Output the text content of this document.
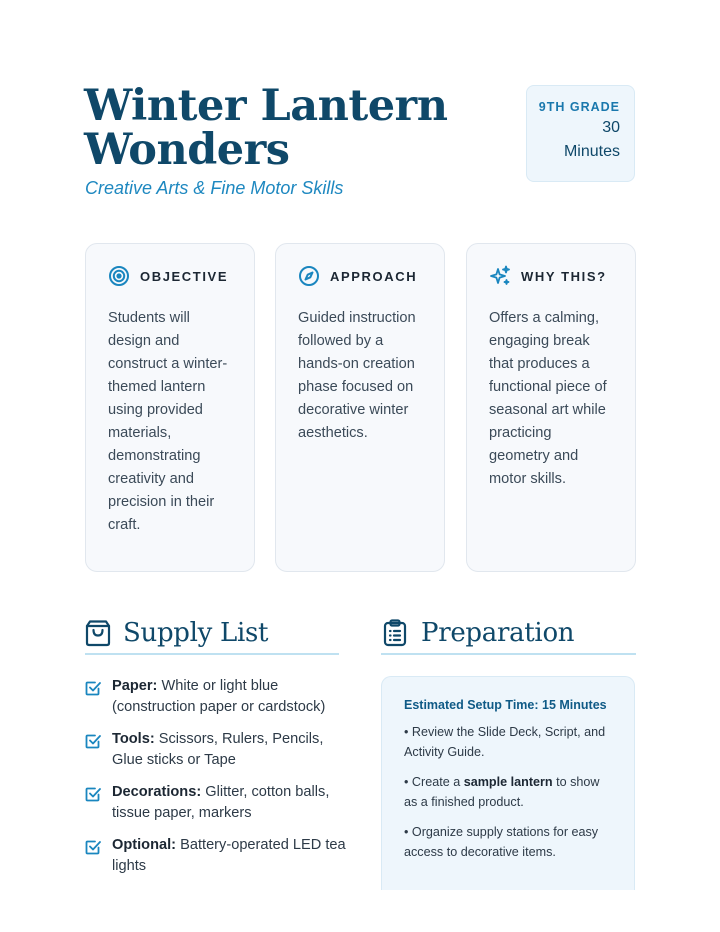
Winter Lantern
Wonders
Creative Arts & Fine Motor Skills
9TH GRADE
30
Minutes
OBJECTIVE

Students will design and construct a winter-themed lantern using provided materials, demonstrating creativity and precision in their craft.

APPROACH

Guided instruction followed by a hands-on creation phase focused on decorative winter aesthetics.

WHY THIS?

Offers a calming, engaging break that produces a functional piece of seasonal art while practicing geometry and motor skills.

Supply List
Paper: White or light blue (construction paper or cardstock)
Tools: Scissors, Rulers, Pencils, Glue sticks or Tape
Decorations: Glitter, cotton balls, tissue paper, markers
Optional: Battery-operated LED tea lights
Preparation
Estimated Setup Time: 15 Minutes

• Review the Slide Deck, Script, and Activity Guide.

• Create a sample lantern to show as a finished product.

• Organize supply stations for easy access to decorative items.
